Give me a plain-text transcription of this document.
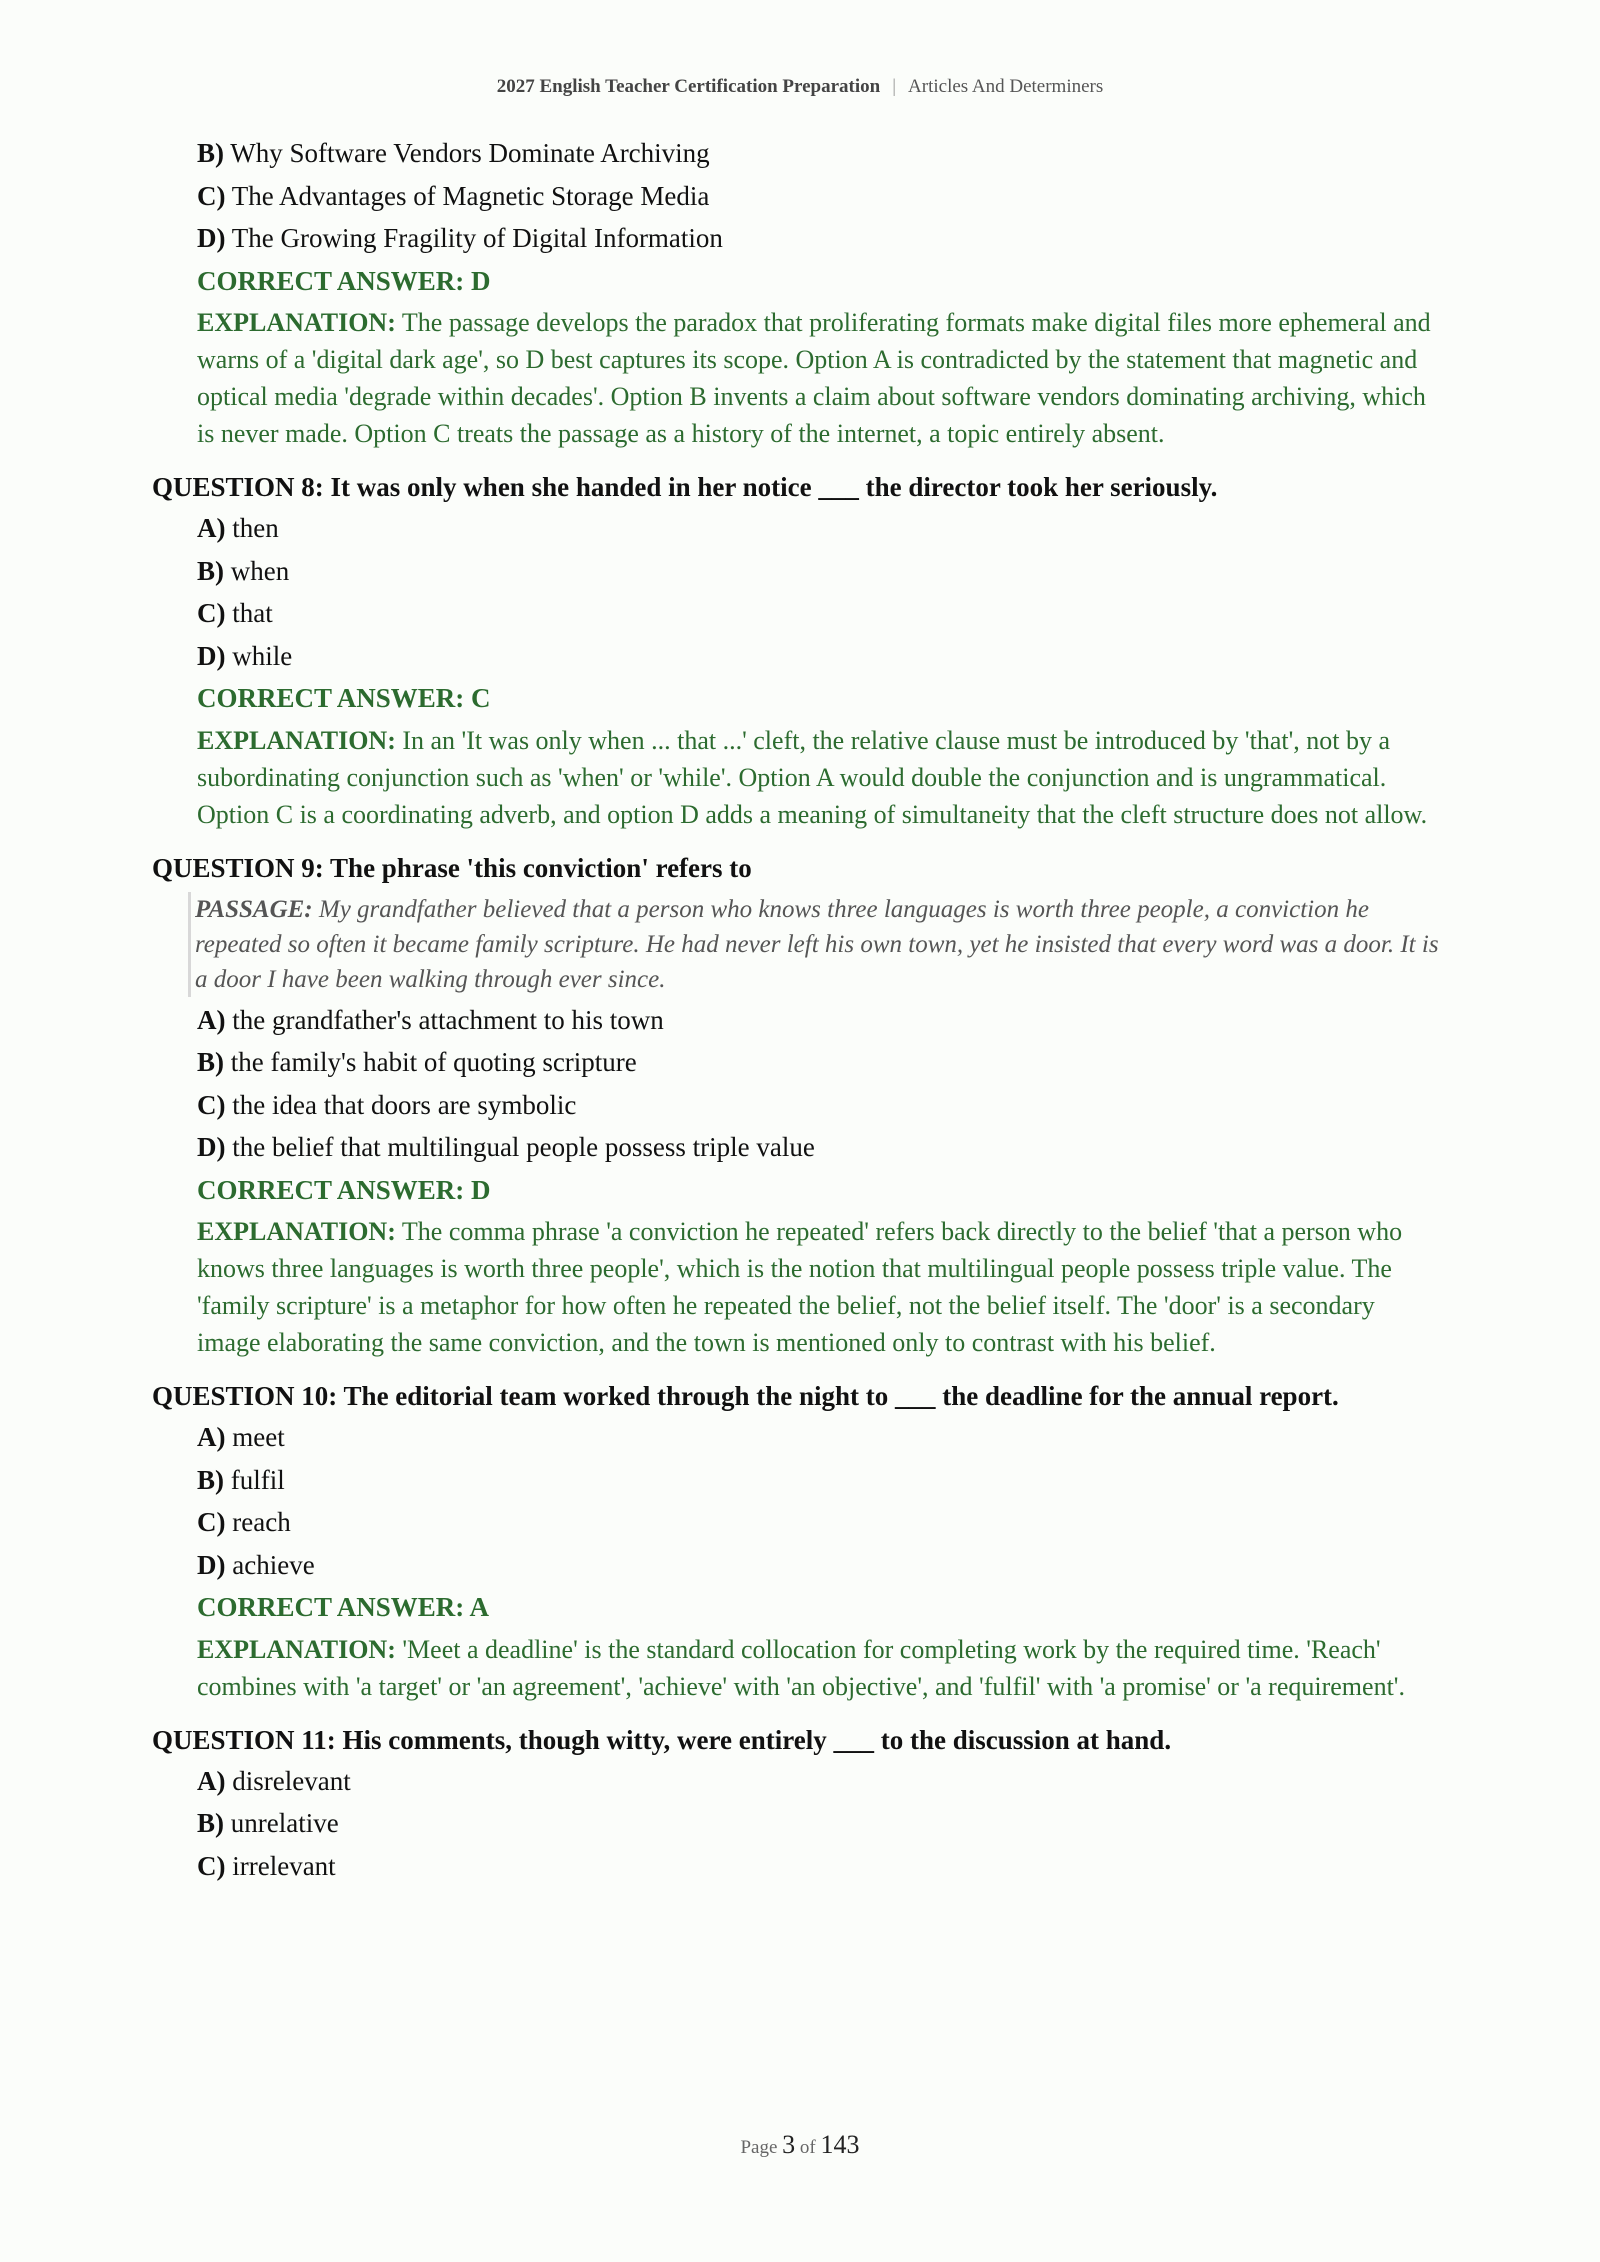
2027 English Teacher Certification Preparation | Articles And Determiners
B) Why Software Vendors Dominate Archiving
C) The Advantages of Magnetic Storage Media
D) The Growing Fragility of Digital Information
CORRECT ANSWER: D
EXPLANATION: The passage develops the paradox that proliferating formats make digital files more ephemeral and warns of a 'digital dark age', so D best captures its scope. Option A is contradicted by the statement that magnetic and optical media 'degrade within decades'. Option B invents a claim about software vendors dominating archiving, which is never made. Option C treats the passage as a history of the internet, a topic entirely absent.
QUESTION 8: It was only when she handed in her notice ___ the director took her seriously.
A) then
B) when
C) that
D) while
CORRECT ANSWER: C
EXPLANATION: In an 'It was only when ... that ...' cleft, the relative clause must be introduced by 'that', not by a subordinating conjunction such as 'when' or 'while'. Option A would double the conjunction and is ungrammatical. Option C is a coordinating adverb, and option D adds a meaning of simultaneity that the cleft structure does not allow.
QUESTION 9: The phrase 'this conviction' refers to
PASSAGE: My grandfather believed that a person who knows three languages is worth three people, a conviction he repeated so often it became family scripture. He had never left his own town, yet he insisted that every word was a door. It is a door I have been walking through ever since.
A) the grandfather's attachment to his town
B) the family's habit of quoting scripture
C) the idea that doors are symbolic
D) the belief that multilingual people possess triple value
CORRECT ANSWER: D
EXPLANATION: The comma phrase 'a conviction he repeated' refers back directly to the belief 'that a person who knows three languages is worth three people', which is the notion that multilingual people possess triple value. The 'family scripture' is a metaphor for how often he repeated the belief, not the belief itself. The 'door' is a secondary image elaborating the same conviction, and the town is mentioned only to contrast with his belief.
QUESTION 10: The editorial team worked through the night to ___ the deadline for the annual report.
A) meet
B) fulfil
C) reach
D) achieve
CORRECT ANSWER: A
EXPLANATION: 'Meet a deadline' is the standard collocation for completing work by the required time. 'Reach' combines with 'a target' or 'an agreement', 'achieve' with 'an objective', and 'fulfil' with 'a promise' or 'a requirement'.
QUESTION 11: His comments, though witty, were entirely ___ to the discussion at hand.
A) disrelevant
B) unrelative
C) irrelevant
Page 3 of 143
